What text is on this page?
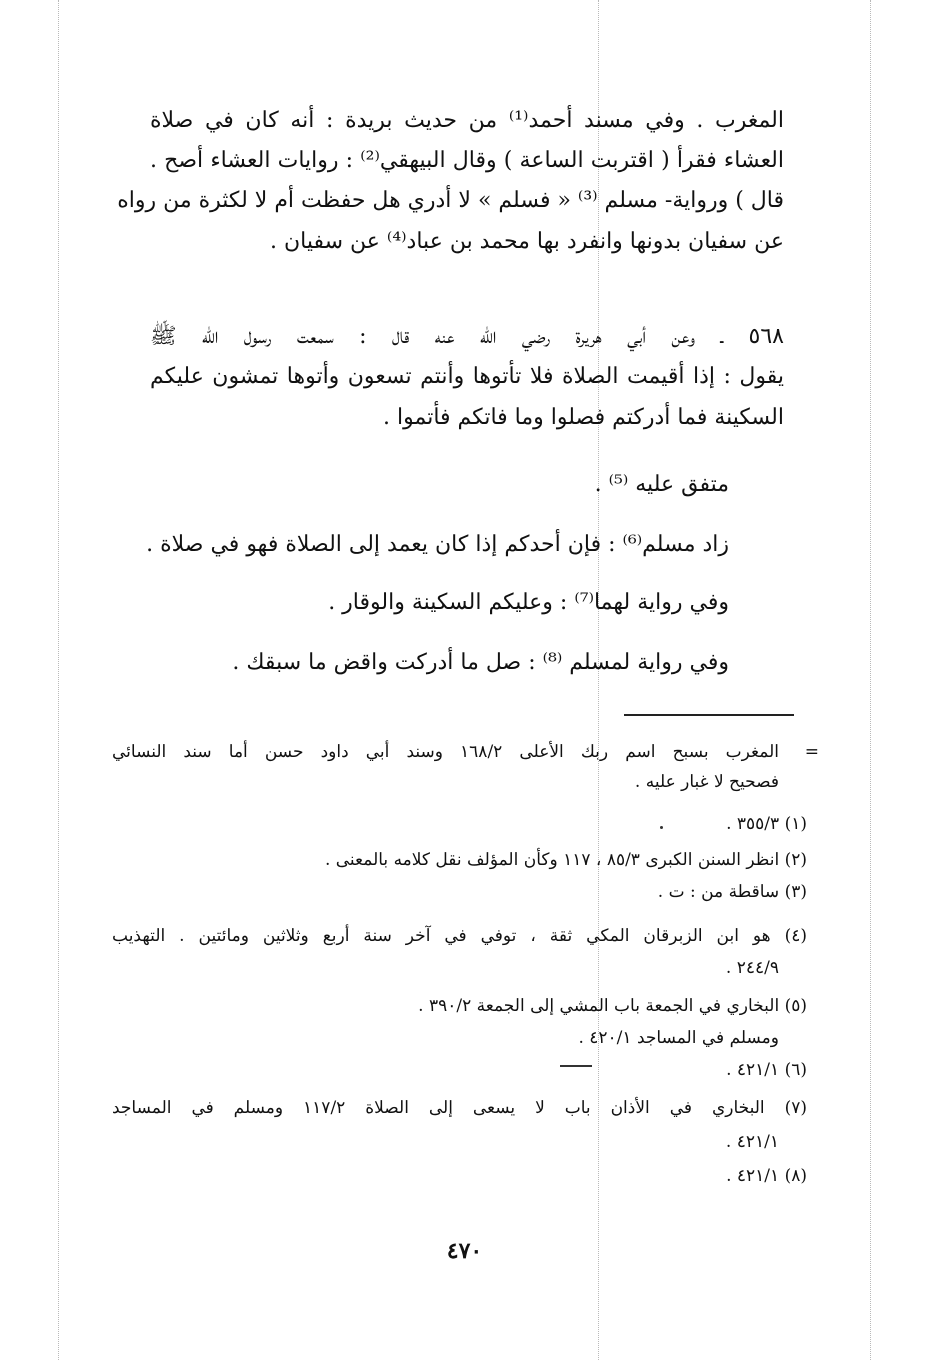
المغرب . وفي مسند أحمد⁽¹⁾ من حديث بريدة : أنه كان في صلاة
العشاء فقرأ ( اقتربت الساعة ) وقال البيهقي⁽²⁾ : روايات العشاء أصح .
قال ) ورواية- مسلم ⁽³⁾ « فسلم » لا أدري هل حفظت أم لا لكثرة من رواه
عن سفيان بدونها وانفرد بها محمد بن عباد⁽⁴⁾ عن سفيان .
٥٦٨ ـ وعن أبي هريرة رضي الله عنه قال : سمعت رسول الله ﷺ
يقول : إذا أقيمت الصلاة فلا تأتوها وأنتم تسعون وأتوها تمشون عليكم
السكينة فما أدركتم فصلوا وما فاتكم فأتموا .
متفق عليه ⁽⁵⁾ .
زاد مسلم⁽⁶⁾ : فإن أحدكم إذا كان يعمد إلى الصلاة فهو في صلاة .
وفي رواية لهما⁽⁷⁾ : وعليكم السكينة والوقار .
وفي رواية لمسلم ⁽⁸⁾ : صل ما أدركت واقض ما سبقك .
=
المغرب بسبح اسم ربك الأعلى ١٦٨/٢ وسند أبي داود حسن أما سند النسائي
فصحيح لا غبار عليه .
(١) ٣٥٥/٣ .
(٢) انظر السنن الكبرى ٨٥/٣ ، ١١٧ وكأن المؤلف نقل كلامه بالمعنى .
(٣) ساقطة من : ت .
(٤) هو ابن الزبرقان المكي ثقة ، توفي في آخر سنة أربع وثلاثين ومائتين . التهذيب
٢٤٤/٩ .
(٥) البخاري في الجمعة باب المشي إلى الجمعة ٣٩٠/٢ .
ومسلم في المساجد ٤٢٠/١ .
(٦) ٤٢١/١ .
(٧) البخاري في الأذان باب لا يسعى إلى الصلاة ١١٧/٢ ومسلم في المساجد
٤٢١/١ .
(٨) ٤٢١/١ .
٤٧٠
